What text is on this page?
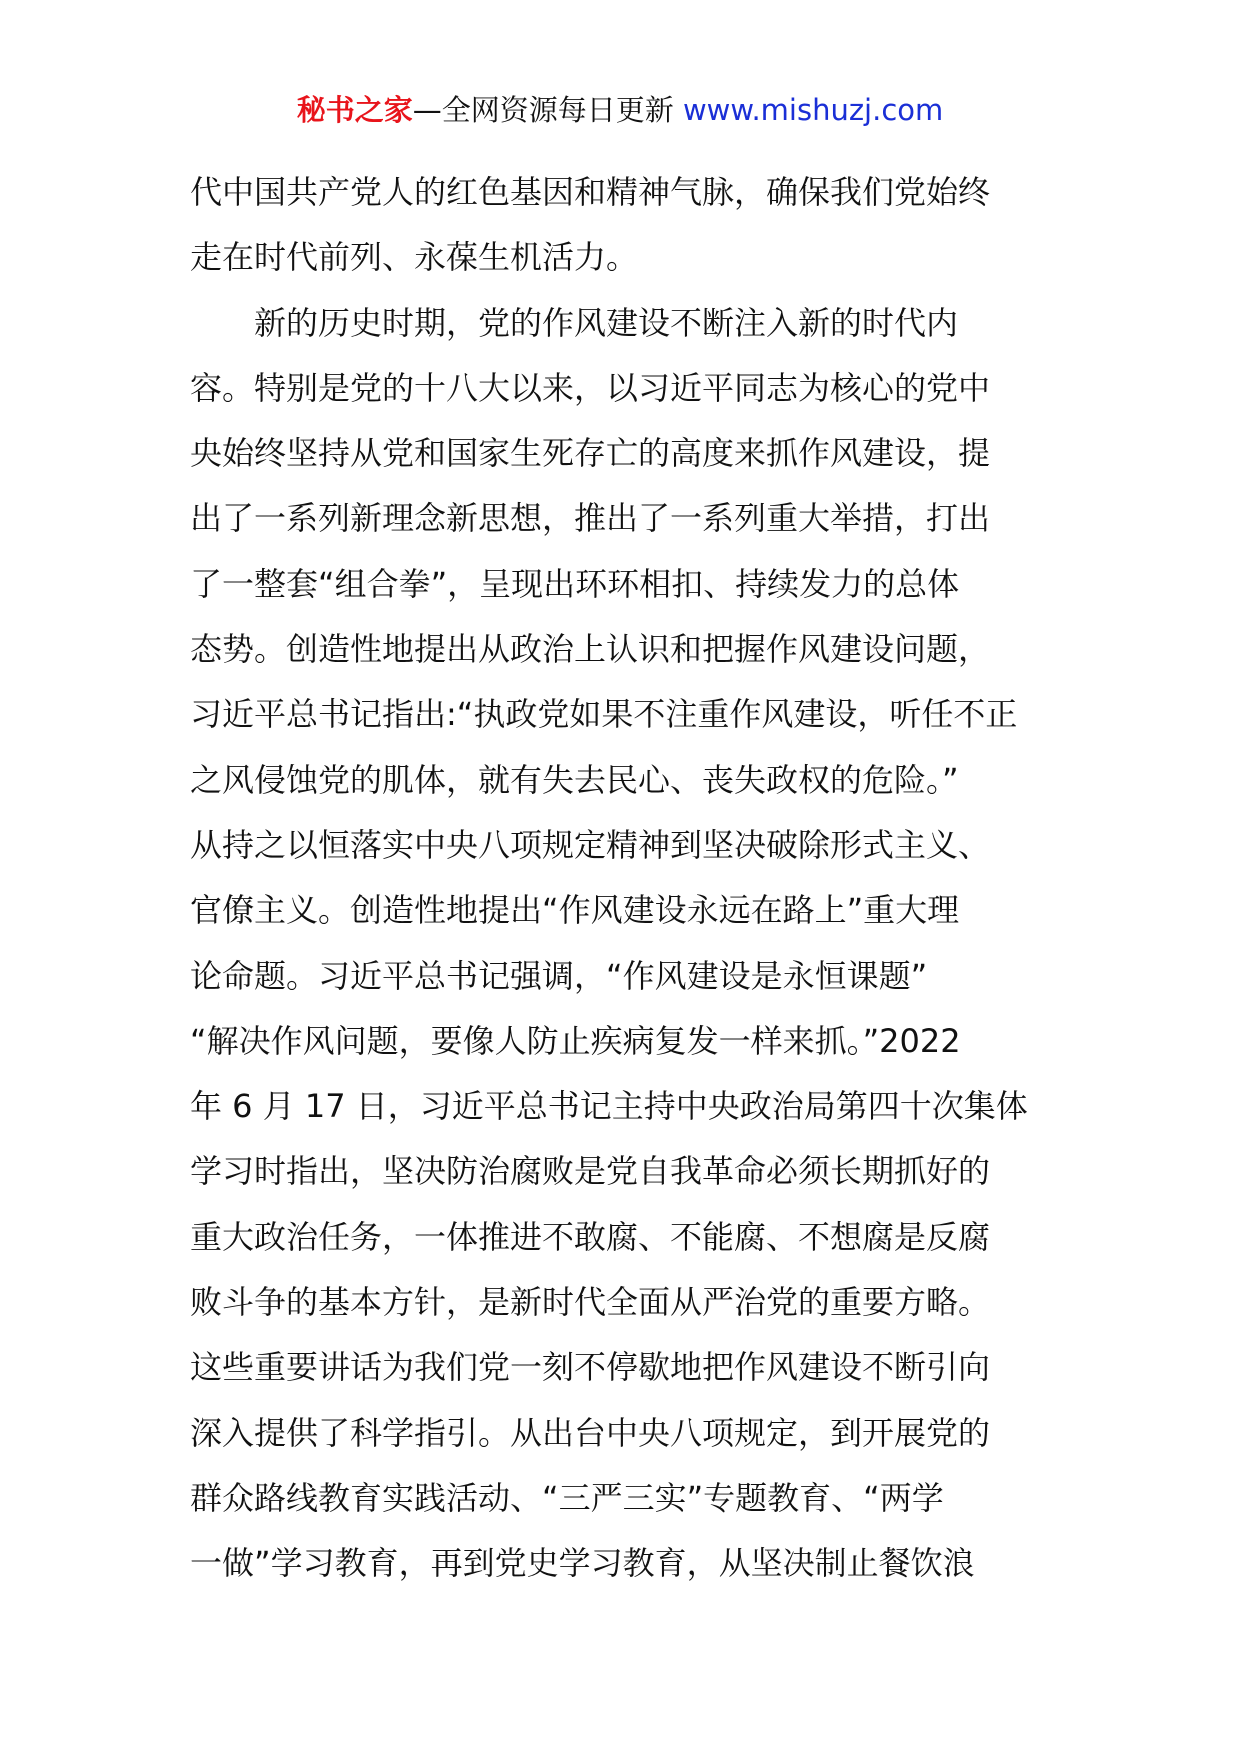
秘书之家—全网资源每日更新 www.mishuzj.com
代中国共产党人的红色基因和精神气脉，确保我们党始终
走在时代前列、永葆生机活力。
　　新的历史时期，党的作风建设不断注入新的时代内
容。特别是党的十八大以来，以习近平同志为核心的党中
央始终坚持从党和国家生死存亡的高度来抓作风建设，提
出了一系列新理念新思想，推出了一系列重大举措，打出
了一整套“组合拳”，呈现出环环相扣、持续发力的总体
态势。创造性地提出从政治上认识和把握作风建设问题，
习近平总书记指出:“执政党如果不注重作风建设，听任不正
之风侵蚀党的肌体，就有失去民心、丧失政权的危险。”
从持之以恒落实中央八项规定精神到坚决破除形式主义、
官僚主义。创造性地提出“作风建设永远在路上”重大理
论命题。习近平总书记强调，“作风建设是永恒课题”
“解决作风问题，要像人防止疾病复发一样来抓。”2022
年 6 月 17 日，习近平总书记主持中央政治局第四十次集体
学习时指出，坚决防治腐败是党自我革命必须长期抓好的
重大政治任务，一体推进不敢腐、不能腐、不想腐是反腐
败斗争的基本方针，是新时代全面从严治党的重要方略。
这些重要讲话为我们党一刻不停歇地把作风建设不断引向
深入提供了科学指引。从出台中央八项规定，到开展党的
群众路线教育实践活动、“三严三实”专题教育、“两学
一做”学习教育，再到党史学习教育，从坚决制止餐饮浪
